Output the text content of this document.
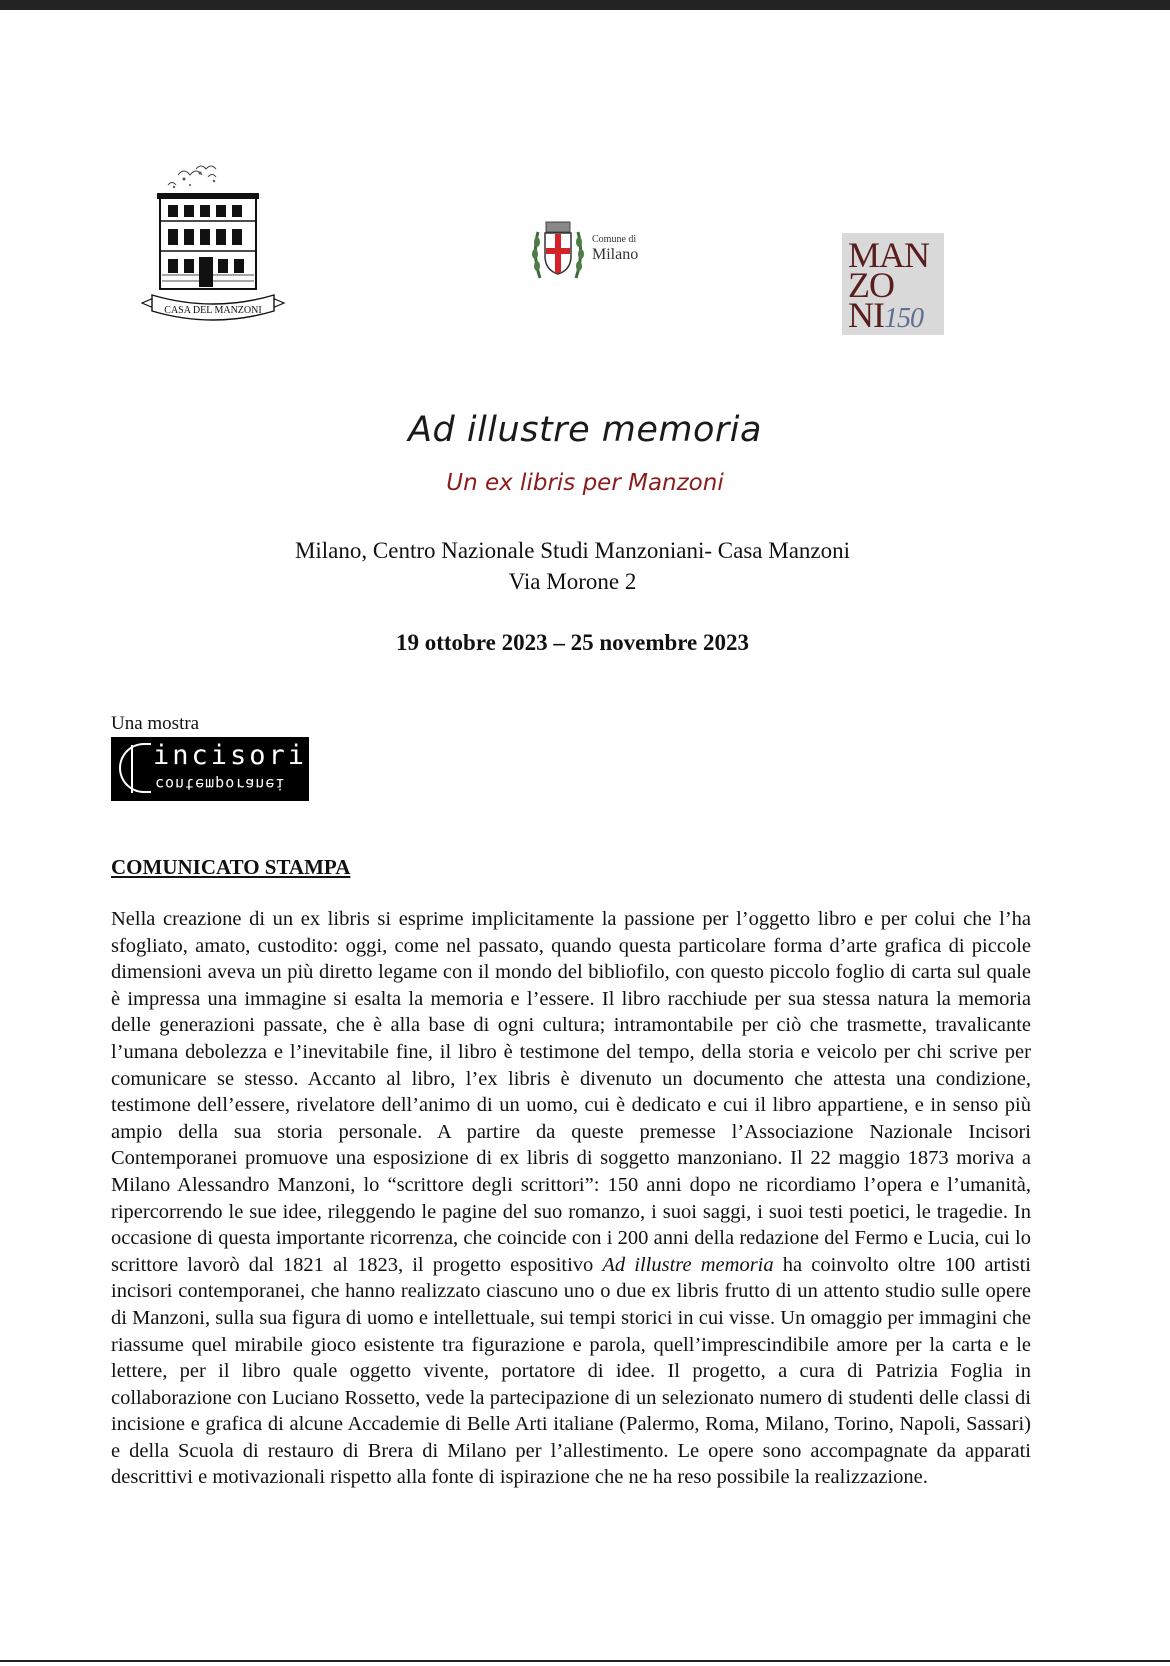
CASA DEL MANZONI
Comune di
Milano	MAN
ZO
NI150
Ad illustre memoria
Un ex libris per Manzoni
Milano, Centro Nazionale Studi Manzoniani- Casa Manzoni
Via Morone 2
19 ottobre 2023 – 25 novembre 2023
Una mostra
incisori
contemporanei
COMUNICATO STAMPA
Nella creazione di un ex libris si esprime implicitamente la passione per l’oggetto libro e per colui che l’ha sfogliato, amato, custodito: oggi, come nel passato, quando questa particolare forma d’arte grafica di piccole dimensioni aveva un più diretto legame con il mondo del bibliofilo, con questo piccolo foglio di carta sul quale è impressa una immagine si esalta la memoria e l’essere. Il libro racchiude per sua stessa natura la memoria delle generazioni passate, che è alla base di ogni cultura; intramontabile per ciò che trasmette, travalicante l’umana debolezza e l’inevitabile fine, il libro è testimone del tempo, della storia e veicolo per chi scrive per comunicare se stesso. Accanto al libro, l’ex libris è divenuto un documento che attesta una condizione, testimone dell’essere, rivelatore dell’animo di un uomo, cui è dedicato e cui il libro appartiene, e in senso più ampio della sua storia personale. A partire da queste premesse l’Associazione Nazionale Incisori Contemporanei promuove una esposizione di ex libris di soggetto manzoniano. Il 22 maggio 1873 moriva a Milano Alessandro Manzoni, lo “scrittore degli scrittori”: 150 anni dopo ne ricordiamo l’opera e l’umanità, ripercorrendo le sue idee, rileggendo le pagine del suo romanzo, i suoi saggi, i suoi testi poetici, le tragedie. In occasione di questa importante ricorrenza, che coincide con i 200 anni della redazione del Fermo e Lucia, cui lo scrittore lavorò dal 1821 al 1823, il progetto espositivo Ad illustre memoria ha coinvolto oltre 100 artisti incisori contemporanei, che hanno realizzato ciascuno uno o due ex libris frutto di un attento studio sulle opere di Manzoni, sulla sua figura di uomo e intellettuale, sui tempi storici in cui visse. Un omaggio per immagini che riassume quel mirabile gioco esistente tra figurazione e parola, quell’imprescindibile amore per la carta e le lettere, per il libro quale oggetto vivente, portatore di idee. Il progetto, a cura di Patrizia Foglia in collaborazione con Luciano Rossetto, vede la partecipazione di un selezionato numero di studenti delle classi di incisione e grafica di alcune Accademie di Belle Arti italiane (Palermo, Roma, Milano, Torino, Napoli, Sassari) e della Scuola di restauro di Brera di Milano per l’allestimento. Le opere sono accompagnate da apparati descrittivi e motivazionali rispetto alla fonte di ispirazione che ne ha reso possibile la realizzazione.
